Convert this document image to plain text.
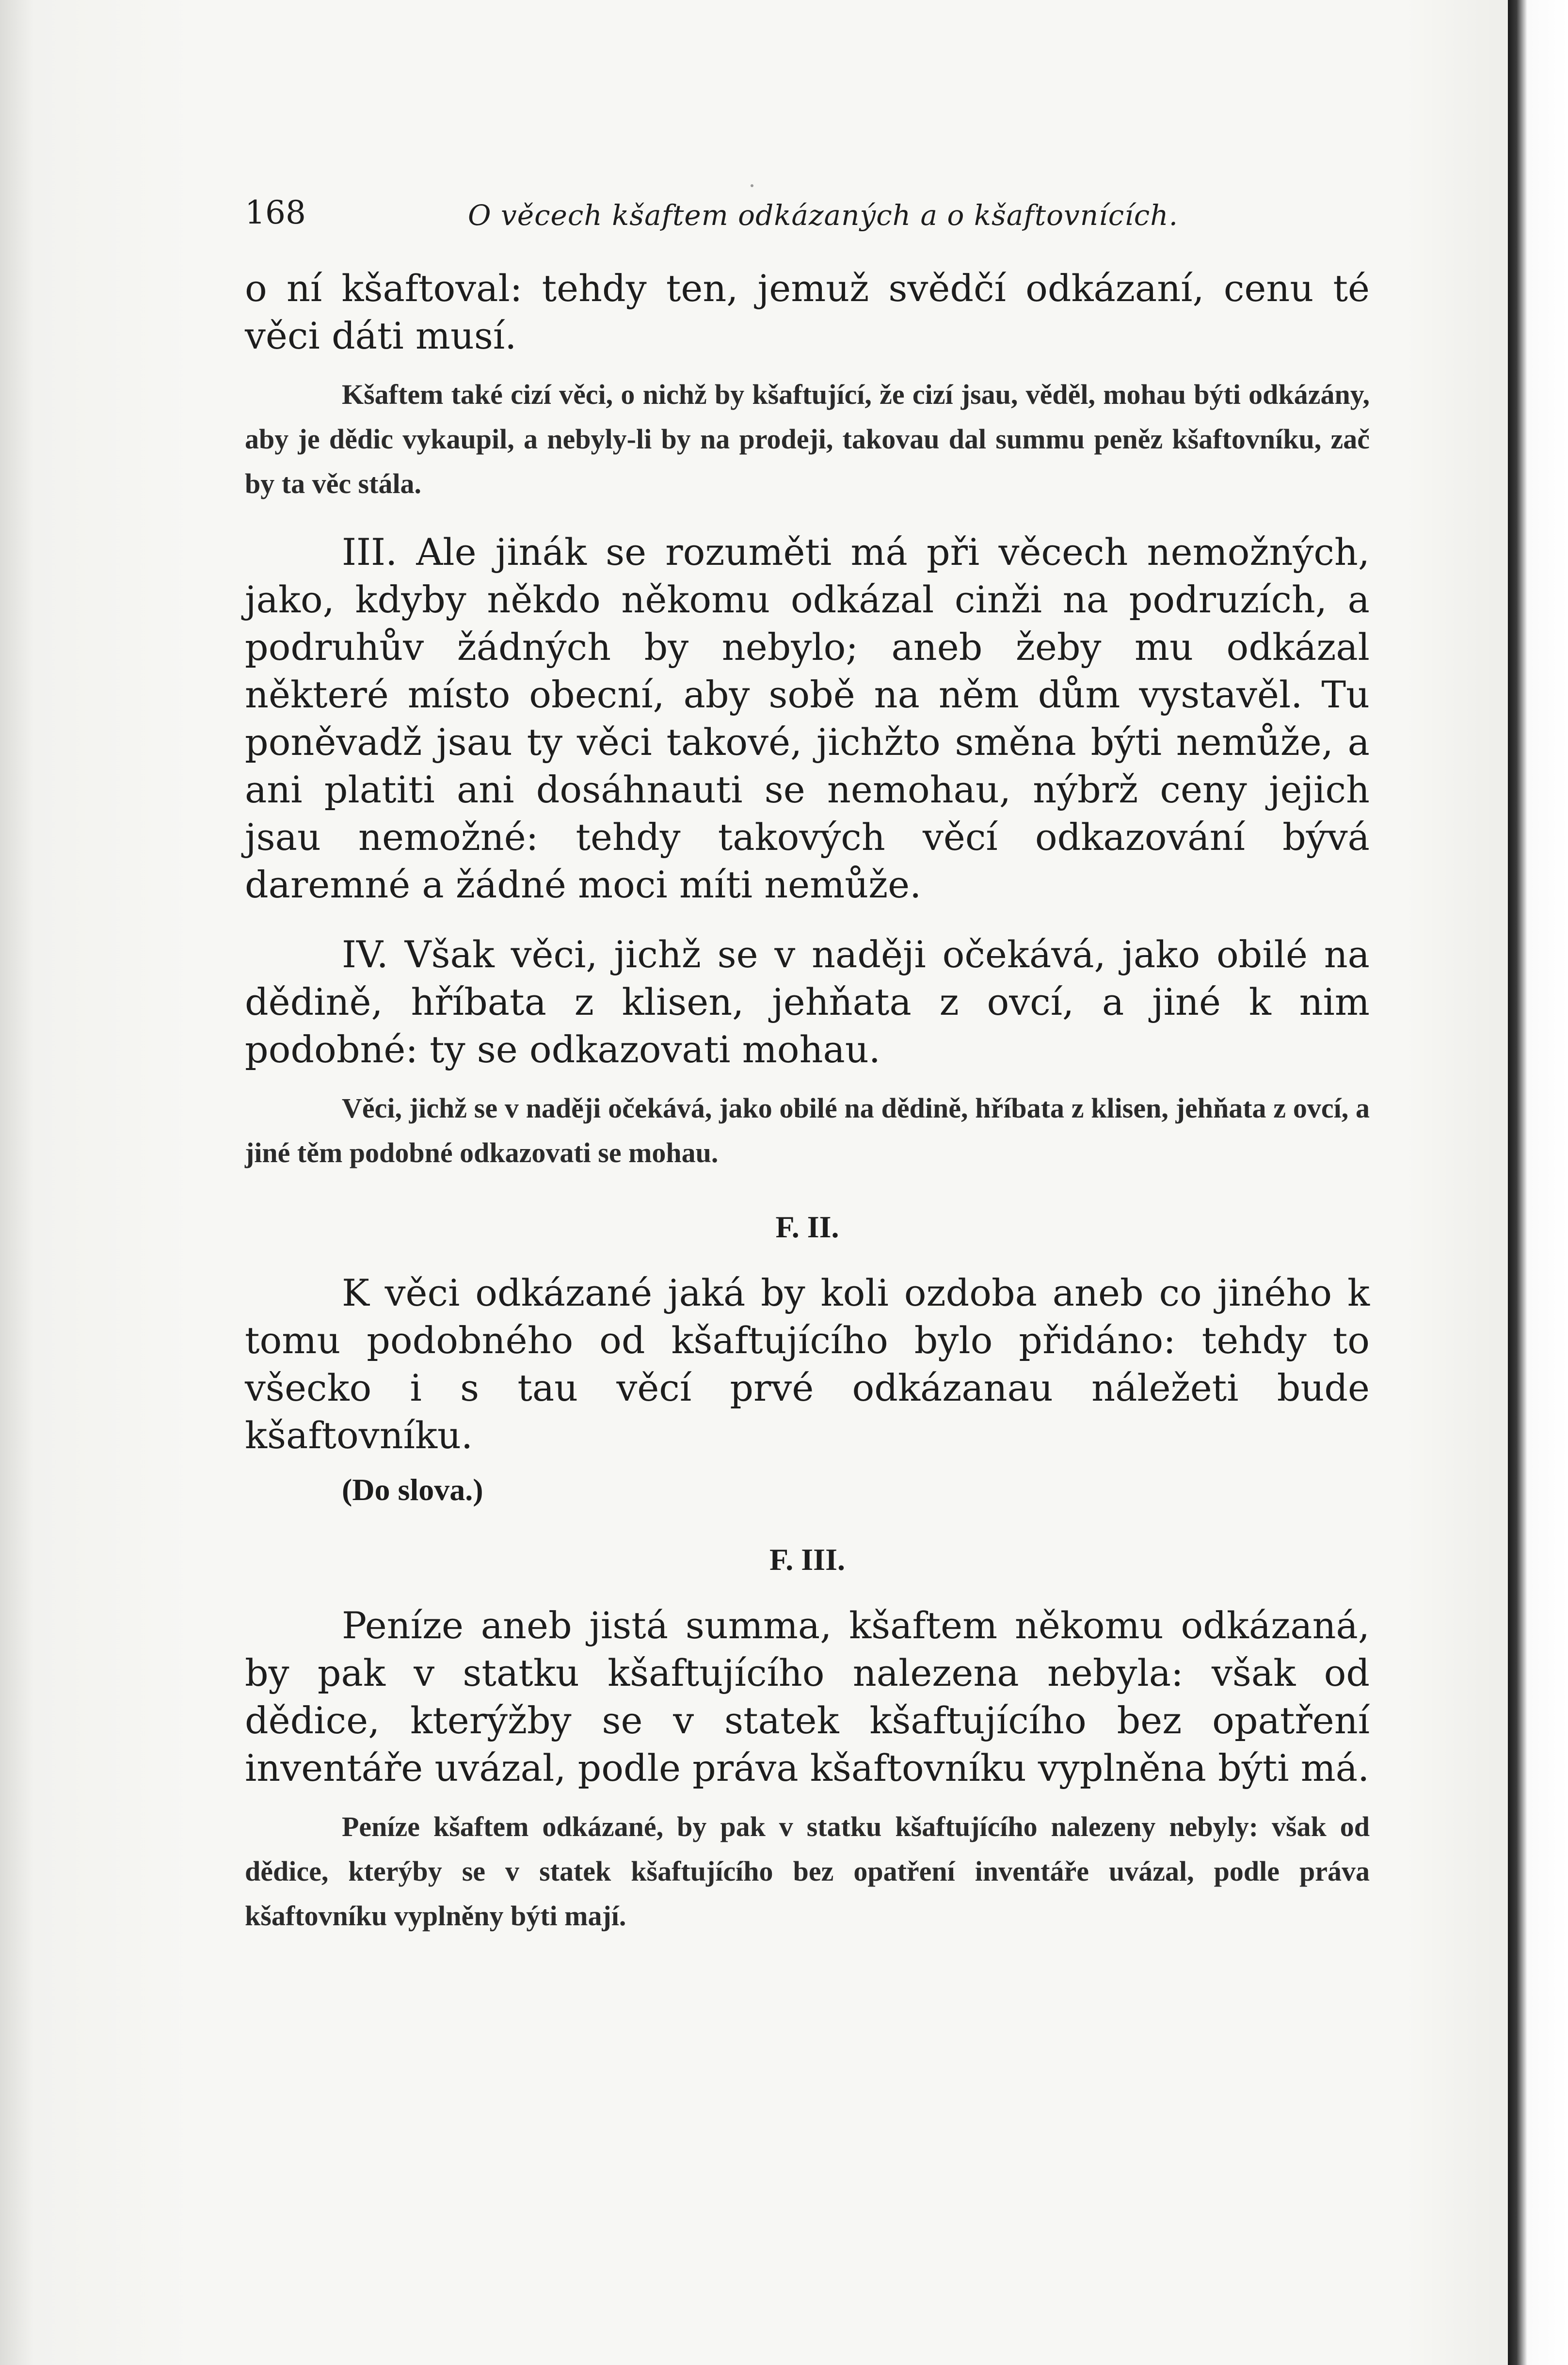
168	O věcech kšaftem odkázaných a o kšaftovnících.

o ní kšaftoval: tehdy ten, jemuž svědčí odkázaní, cenu té věci dáti musí.

Kšaftem také cizí věci, o nichž by kšaftující, že cizí jsau, věděl, mohau býti odkázány, aby je dědic vykaupil, a nebyly-li by na prodeji, takovau dal summu peněz kšaftovníku, zač by ta věc stála.

III. Ale jinák se rozuměti má při věcech nemožných, jako, kdyby někdo někomu odkázal cinži na podruzích, a podruhův žádných by nebylo; aneb žeby mu odkázal některé místo obecní, aby sobě na něm dům vystavěl. Tu poněvadž jsau ty věci takové, jichžto směna býti nemůže, a ani platiti ani dosáhnauti se nemohau, nýbrž ceny jejich jsau nemožné: tehdy takových věcí odkazování bývá daremné a žádné moci míti nemůže.

IV. Však věci, jichž se v naději očekává, jako obilé na dědině, hříbata z klisen, jehňata z ovcí, a jiné k nim podobné: ty se odkazovati mohau.

Věci, jichž se v naději očekává, jako obilé na dědině, hříbata z klisen, jehňata z ovcí, a jiné těm podobné odkazovati se mohau.

F. II.

K věci odkázané jaká by koli ozdoba aneb co jiného k tomu podobného od kšaftujícího bylo přidáno: tehdy to všecko i s tau věcí prvé odkázanau náležeti bude kšaftovníku.

(Do slova.)

F. III.

Peníze aneb jistá summa, kšaftem někomu odkázaná, by pak v statku kšaftujícího nalezena nebyla: však od dědice, kterýžby se v statek kšaftujícího bez opatření inventáře uvázal, podle práva kšaftovníku vyplněna býti má.

Peníze kšaftem odkázané, by pak v statku kšaftujícího nalezeny nebyly: však od dědice, kterýby se v statek kšaftujícího bez opatření inventáře uvázal, podle práva kšaftovníku vyplněny býti mají.
